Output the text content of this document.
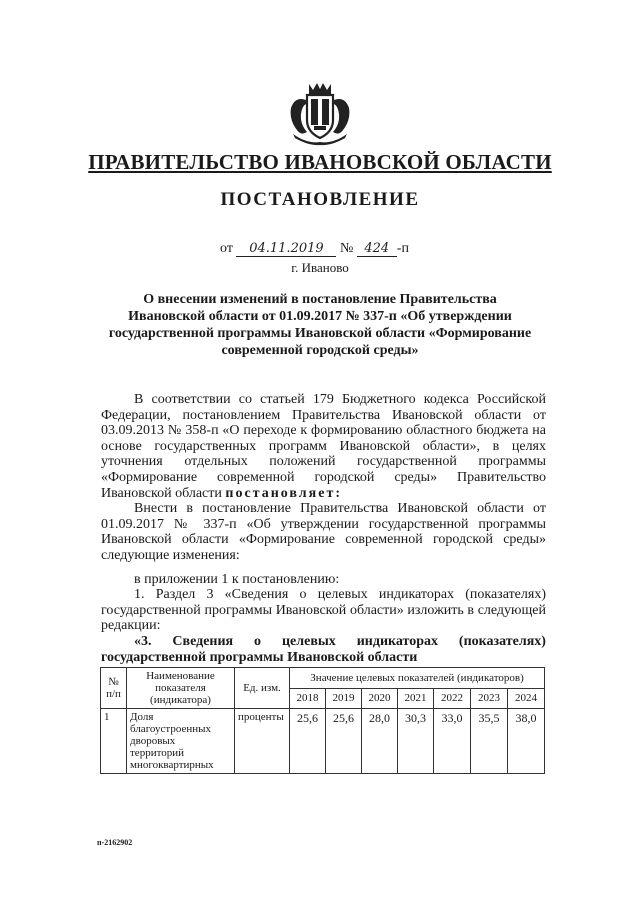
ПРАВИТЕЛЬСТВО ИВАНОВСКОЙ ОБЛАСТИ
ПОСТАНОВЛЕНИЕ
от 04.11.2019 № 424 -п
г. Иваново
О внесении изменений в постановление Правительства Ивановской области от 01.09.2017 № 337-п «Об утверждении государственной программы Ивановской области «Формирование современной городской среды»
В соответствии со статьей 179 Бюджетного кодекса Российской Федерации, постановлением Правительства Ивановской области от 03.09.2013 № 358-п «О переходе к формированию областного бюджета на основе государственных программ Ивановской области», в целях уточнения отдельных положений государственной программы «Формирование современной городской среды» Правительство Ивановской области постановляет:
Внести в постановление Правительства Ивановской области от 01.09.2017 № 337-п «Об утверждении государственной программы Ивановской области «Формирование современной городской среды» следующие изменения:
в приложении 1 к постановлению:
1. Раздел 3 «Сведения о целевых индикаторах (показателях) государственной программы Ивановской области» изложить в следующей редакции:
«3. Сведения о целевых индикаторах (показателях)
государственной программы Ивановской области
№ п/п	Наименование показателя (индикатора)	Ед. изм.	Значение целевых показателей (индикаторов)						
			2018	2019	2020	2021	2022	2023	2024
1	Доля благоустроенных дворовых территорий многоквартирных	проценты	25,6	25,6	28,0	30,3	33,0	35,5	38,0
п-2162902
